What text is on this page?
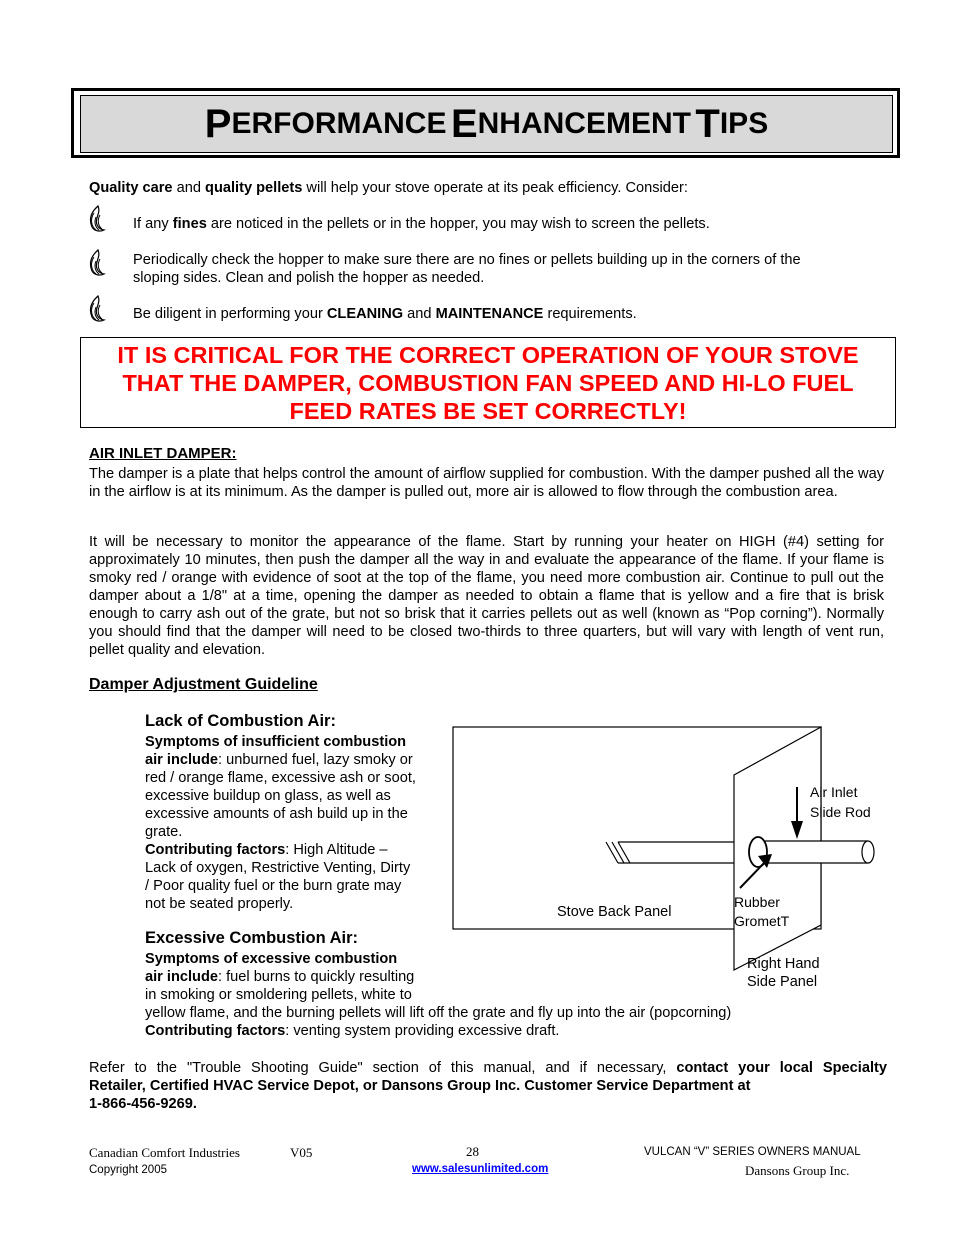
P ERFORMANCE
E NHANCEMENT
T IPS
Quality care and quality pellets will help your stove operate at its peak efficiency. Consider:
If any fines are noticed in the pellets or in the hopper, you may wish to screen the pellets.
Periodically check the hopper to make sure there are no fines or pellets building up in the corners of the
sloping sides. Clean and polish the hopper as needed.
Be diligent in performing your CLEANING and MAINTENANCE requirements.
IT IS CRITICAL FOR THE CORRECT OPERATION OF YOUR STOVE
THAT THE DAMPER, COMBUSTION FAN SPEED AND HI-LO FUEL
FEED RATES BE SET CORRECTLY!
AIR INLET DAMPER:
The damper is a plate that helps control the amount of airflow supplied for combustion. With the damper pushed all the way in the airflow is at its minimum. As the damper is pulled out, more air is allowed to flow through the combustion area.
It will be necessary to monitor the appearance of the flame. Start by running your heater on HIGH (#4) setting for approximately 10 minutes, then push the damper all the way in and evaluate the appearance of the flame. If your flame is smoky red / orange with evidence of soot at the top of the flame, you need more combustion air. Continue to pull out the damper about a 1/8" at a time, opening the damper as needed to obtain a flame that is yellow and a fire that is brisk enough to carry ash out of the grate, but not so brisk that it carries pellets out as well (known as “Pop corning”). Normally you should find that the damper will need to be closed two-thirds to three quarters, but will vary with length of vent run, pellet quality and elevation.
Damper Adjustment Guideline
Lack of Combustion Air:
Symptoms of insufficient combustion
air include: unburned fuel, lazy smoky or
red / orange flame, excessive ash or soot,
excessive buildup on glass, as well as
excessive amounts of ash build up in the
grate.
Contributing factors: High Altitude –
Lack of oxygen, Restrictive Venting, Dirty
/ Poor quality fuel or the burn grate may
not be seated properly.
Excessive Combustion Air:
Symptoms of excessive combustion
air include: fuel burns to quickly resulting
in smoking or smoldering pellets, white to
yellow flame, and the burning pellets will lift off the grate and fly up into the air (popcorning)
Contributing factors: venting system providing excessive draft.
Air Inlet
Slide Rod
Stove Back Panel
Rubber
GrometT
Right Hand
Side Panel
Refer to the "Trouble Shooting Guide" section of this manual, and if necessary, contact your local Specialty
Retailer, Certified HVAC Service Depot, or Dansons Group Inc. Customer Service Department at
1-866-456-9269.
Canadian Comfort Industries	V05	28	VULCAN “V” SERIES OWNERS MANUAL
Copyright 2005	www.salesunlimited.com	Dansons Group Inc.
